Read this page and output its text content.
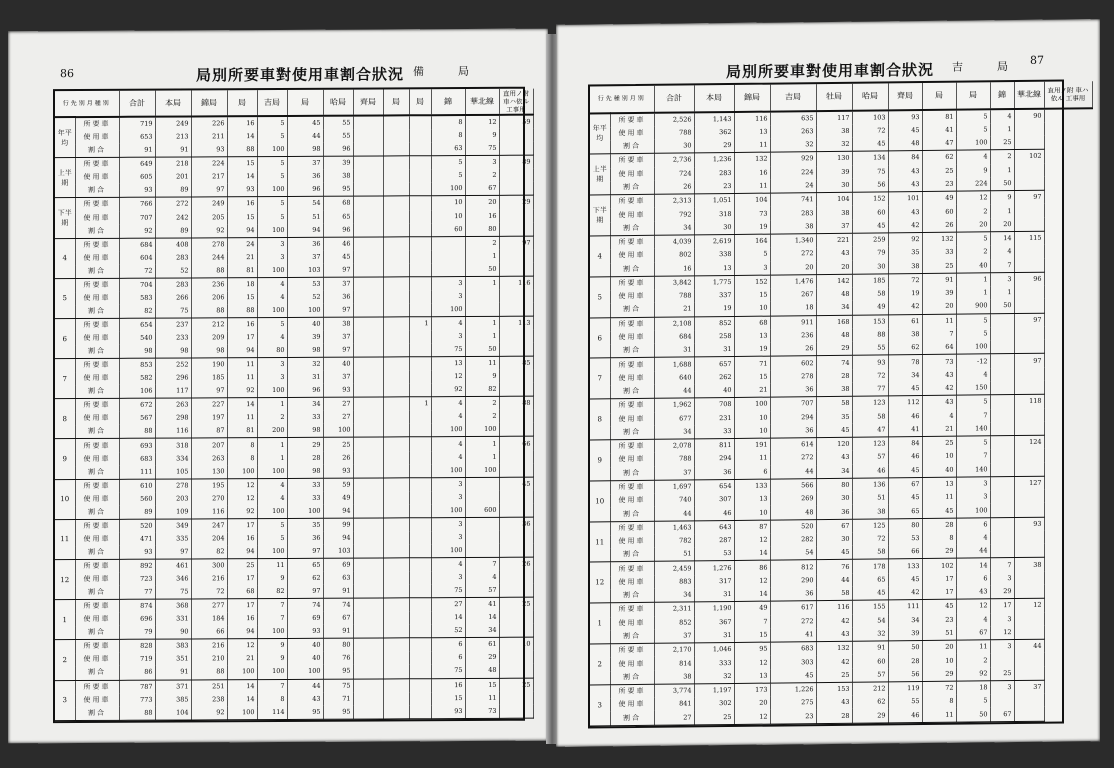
86	局別所要車對使用車割合狀況 備	局
行 先 別 月 種 別		合計	本局	錦局	局	吉局	局	哈局	齊局	局	局	錦	華北線	直用ノ附 車ハ依ル 工事用
年平均	所要車	719	249	226	16	5	45	55				8	12	59
	使用車	653	213	211	14	5	44	55				8	9	
	割合	91	91	93	88	100	98	96				63	75	
上半期	所要車	649	218	224	15	5	37	39				5	3	89
	使用車	605	201	217	14	5	36	38				5	2	
	割合	93	89	97	93	100	96	95				100	67	
下半期	所要車	766	272	249	16	5	54	68				10	20	29
	使用車	707	242	205	15	5	51	65				10	16	
	割合	92	89	92	94	100	94	96				60	80	
4	所要車	684	408	278	24	3	36	46					2	97
	使用車	604	283	244	21	3	37	45					1	
	割合	72	52	88	81	100	103	97					50	
5	所要車	704	283	236	18	4	53	37				3	1	116
	使用車	583	266	206	15	4	52	36				3		
	割合	82	75	88	88	100	100	97				100		
6	所要車	654	237	212	16	5	40	38			1	4	1	113
	使用車	540	233	209	17	4	39	37				3	1	
	割合	98	98	98	94	80	98	97				75	50	
7	所要車	853	252	190	11	3	32	40				13	11	85
	使用車	582	296	185	11	3	31	37				12	9	
	割合	106	117	97	92	100	96	93				92	82	
8	所要車	672	263	227	14	1	34	27			1	4	2	88
	使用車	567	298	197	11	2	33	27				4	2	
	割合	88	116	87	81	200	98	100				100	100	
9	所要車	693	318	207	8	1	29	25				4	1	66
	使用車	683	334	263	8	1	28	26				4	1	
	割合	111	105	130	100	100	98	93				100	100	
10	所要車	610	278	195	12	4	33	59				3		45
	使用車	560	203	270	12	4	33	49				3		
	割合	89	109	116	92	100	100	94				100	600	
11	所要車	520	349	247	17	5	35	99				3		36
	使用車	471	335	204	16	5	36	94				3		
	割合	93	97	82	94	100	97	103				100		
12	所要車	892	461	300	25	11	65	69				4	7	26
	使用車	723	346	216	17	9	62	63				3	4	
	割合	77	75	72	68	82	97	91				75	57	
1	所要車	874	368	277	17	7	74	74				27	41	25
	使用車	696	331	184	16	7	69	67				14	14	
	割合	79	90	66	94	100	93	91				52	34	
2	所要車	828	383	216	12	9	40	80				6	61	10
	使用車	719	351	210	21	9	40	76				6	29	
	割合	86	91	88	100	100	100	95				75	48	
3	所要車	787	371	251	14	7	44	75				16	15	25
	使用車	773	385	238	14	8	43	71				15	11	
	割合	88	104	92	100	114	95	95				93	73	
87
局別所要車對使用車割合狀況 吉	局
行 先 種 別 月 別		合計	本局	錦局	吉局	牡局	哈局	齊局	局	局	錦	華北線	直用ノ附 車ハ依ル 工事用
年平均	所要車	2,526	1,143	116	635	117	103	93	81	5	4	90	
	使用車	788	362	13	263	38	72	45	41	5	1		
	割合	30	29	11	32	32	45	48	47	100	25		
上半期	所要車	2,736	1,236	132	929	130	134	84	62	4	2	102	
	使用車	724	283	16	224	39	75	43	25	9	1		
	割合	26	23	11	24	30	56	43	23	224	50		
下半期	所要車	2,313	1,051	104	741	104	152	101	49	12	9	97	
	使用車	792	318	73	283	38	60	43	60	2	1		
	割合	34	30	19	38	37	45	42	26	20	20		
4	所要車	4,039	2,619	164	1,340	221	259	92	132	5	14	115	
	使用車	802	338	5	272	43	79	35	33	2	4		
	割合	16	13	3	20	20	30	38	25	40	7		
5	所要車	3,842	1,775	152	1,476	142	185	72	91	1	3	96	
	使用車	788	337	15	267	48	58	19	39	1	1		
	割合	21	19	10	18	34	49	42	20	900	50		
6	所要車	2,108	852	68	911	168	153	61	11	5		97	
	使用車	684	258	13	236	48	88	38	7	5			
	割合	31	31	19	26	29	55	62	64	100			
7	所要車	1,688	657	71	602	74	93	78	73	-12		97	
	使用車	640	262	15	278	28	72	34	43	4			
	割合	44	40	21	36	38	77	45	42	150			
8	所要車	1,962	708	100	707	58	123	112	43	5		118	
	使用車	677	231	10	294	35	58	46	4	7			
	割合	34	33	10	36	45	47	41	21	140			
9	所要車	2,078	811	191	614	120	123	84	25	5		124	
	使用車	788	294	11	272	43	57	46	10	7			
	割合	37	36	6	44	34	46	45	40	140			
10	所要車	1,697	654	133	566	80	136	67	13	3		127	
	使用車	740	307	13	269	30	51	45	11	3			
	割合	44	46	10	48	36	38	65	45	100			
11	所要車	1,463	643	87	520	67	125	80	28	6		93	
	使用車	782	287	12	282	30	72	53	8	4			
	割合	51	53	14	54	45	58	66	29	44			
12	所要車	2,459	1,276	86	812	76	178	133	102	14	7	38	
	使用車	883	317	12	290	44	65	45	17	6	3		
	割合	34	31	14	36	58	45	42	17	43	29		
1	所要車	2,311	1,190	49	617	116	155	111	45	12	17	12	
	使用車	852	367	7	272	42	54	34	23	4	3		
	割合	37	31	15	41	43	32	39	51	67	12		
2	所要車	2,170	1,046	95	683	132	91	50	20	11	3	44	
	使用車	814	333	12	303	42	60	28	10	2			
	割合	38	32	13	45	25	57	56	29	92	25		
3	所要車	3,774	1,197	173	1,226	153	212	119	72	18	3	37	
	使用車	841	302	20	275	43	62	55	8	5			
	割合	27	25	12	23	28	29	46	11	50	67		
